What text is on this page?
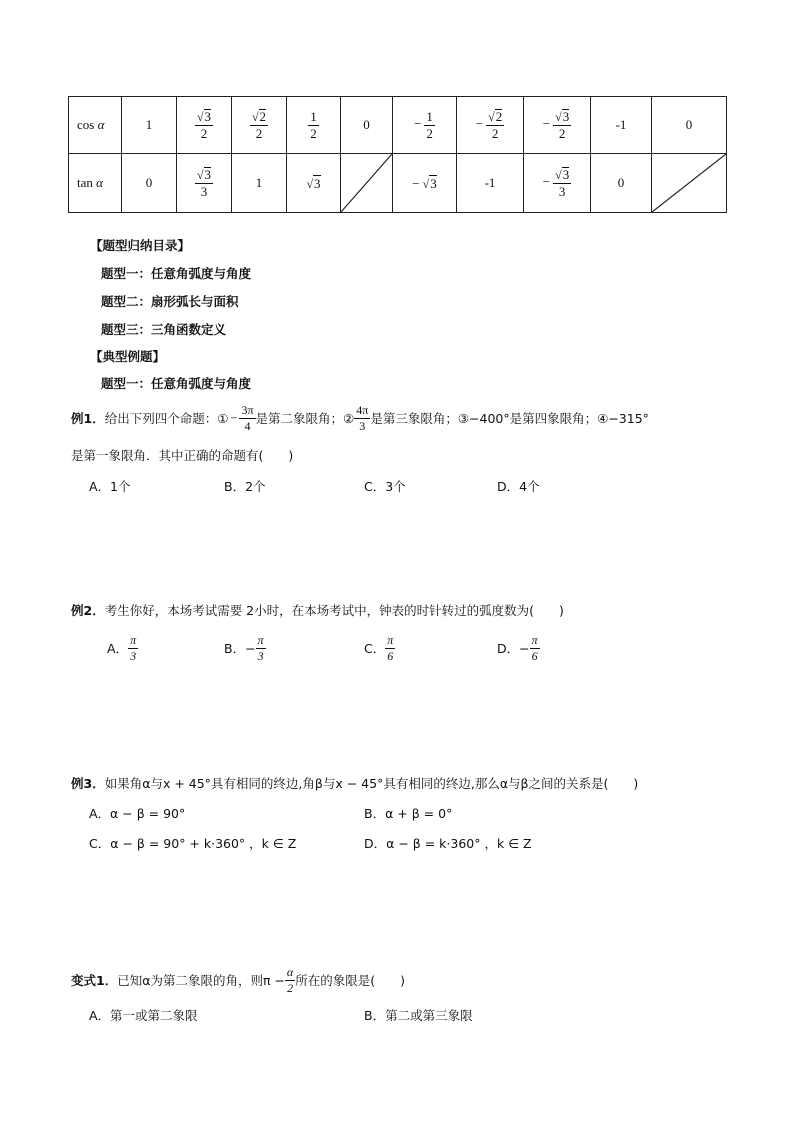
cos α	1	$\frac{√3}{2}$	$\frac{√2}{2}$	$\frac{1}{2}$	0	− $\frac{1}{2}$	− $\frac{√2}{2}$	− $\frac{√3}{2}$	-1	0
tan α	0	$\frac{√3}{3}$	1	√3		− √3	-1	− $\frac{√3}{3}$	0	
【题型归纳目录】
题型一：任意角弧度与角度
题型二：扇形弧长与面积
题型三：三角函数定义
【典型例题】
题型一：任意角弧度与角度
例1． 给出下列四个命题：① − $\frac{3\pi}{4}$ 是第二象限角；② $\frac{4\pi}{3}$ 是第三象限角；③−400°是第四象限角；④−315°
是第一象限角．其中正确的命题有(　　)
A．1个	B．2个	C．3个	D．4个
例2．考生你好，本场考试需要 2小时，在本场考试中，钟表的时针转过的弧度数为(　　)
A． $\frac{\pi}{3}$	B．− $\frac{\pi}{3}$	C． $\frac{\pi}{6}$	D．− $\frac{\pi}{6}$
例3．如果角α与x + 45°具有相同的终边,角β与x − 45°具有相同的终边,那么α与β之间的关系是(　　)
A．α − β = 90°	B．α + β = 0°
C．α − β = 90° + k·360° ，k ∈ Z	D．α − β = k·360° ，k ∈ Z
变式1． 已知α为第二象限的角，则$\pi - \frac{\alpha}{2}$ 所在的象限是(　　)
A．第一或第二象限	B．第二或第三象限
